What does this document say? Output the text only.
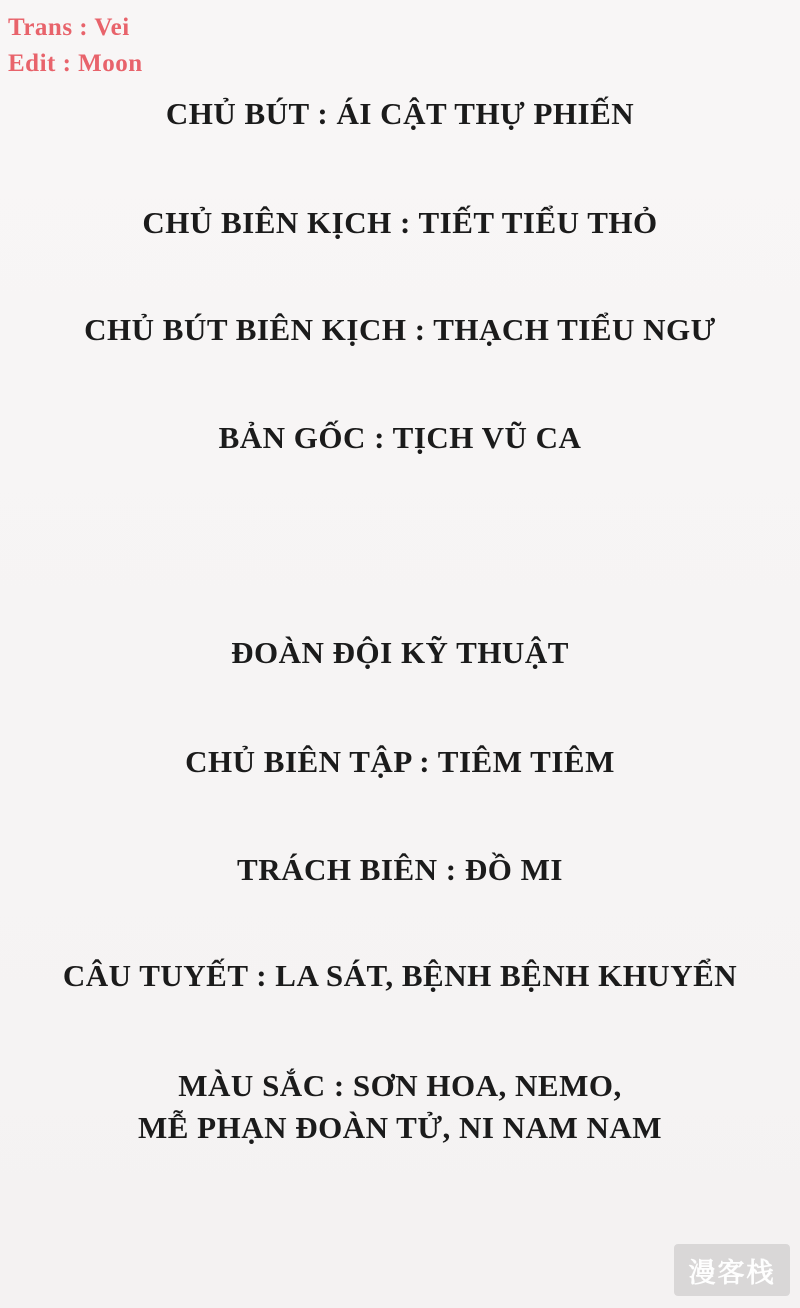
Trans : Vei
Edit : Moon
CHỦ BÚT : ÁI CẬT THỰ PHIẾN
CHỦ BIÊN KỊCH : TIẾT TIỂU THỎ
CHỦ BÚT BIÊN KỊCH : THẠCH TIỂU NGƯ
BẢN GỐC : TỊCH VŨ CA
ĐOÀN ĐỘI KỸ THUẬT
CHỦ BIÊN TẬP : TIÊM TIÊM
TRÁCH BIÊN : ĐỒ MI
CÂU TUYẾT : LA SÁT, BỆNH BỆNH KHUYỂN
MÀU SẮC : SƠN HOA, NEMO,
MỄ PHẠN ĐOÀN TỬ, NI NAM NAM
漫客栈
